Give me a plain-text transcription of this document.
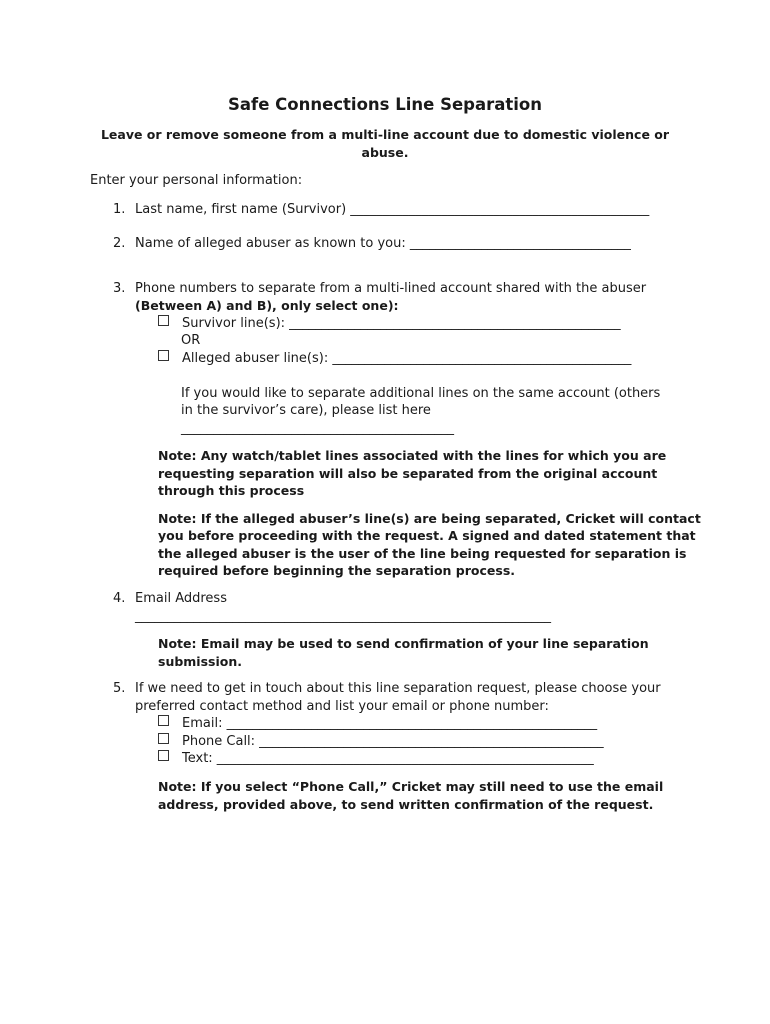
Safe Connections Line Separation
Leave or remove someone from a multi-line account due to domestic violence or abuse.
Enter your personal information:
1. Last name, first name (Survivor) ______________________________________________
2. Name of alleged abuser as known to you: __________________________________
3. Phone numbers to separate from a multi-lined account shared with the abuser
(Between A) and B), only select one):
Survivor line(s): ___________________________________________________
OR
Alleged abuser line(s): ______________________________________________
If you would like to separate additional lines on the same account (others
in the survivor’s care), please list here
__________________________________________
Note: Any watch/tablet lines associated with the lines for which you are
requesting separation will also be separated from the original account
through this process
Note: If the alleged abuser’s line(s) are being separated, Cricket will contact
you before proceeding with the request. A signed and dated statement that
the alleged abuser is the user of the line being requested for separation is
required before beginning the separation process.
4. Email Address
________________________________________________________________
Note: Email may be used to send confirmation of your line separation
submission.
5. If we need to get in touch about this line separation request, please choose your
preferred contact method and list your email or phone number:
Email: _________________________________________________________
Phone Call: _____________________________________________________
Text: __________________________________________________________
Note: If you select “Phone Call,” Cricket may still need to use the email
address, provided above, to send written confirmation of the request.
